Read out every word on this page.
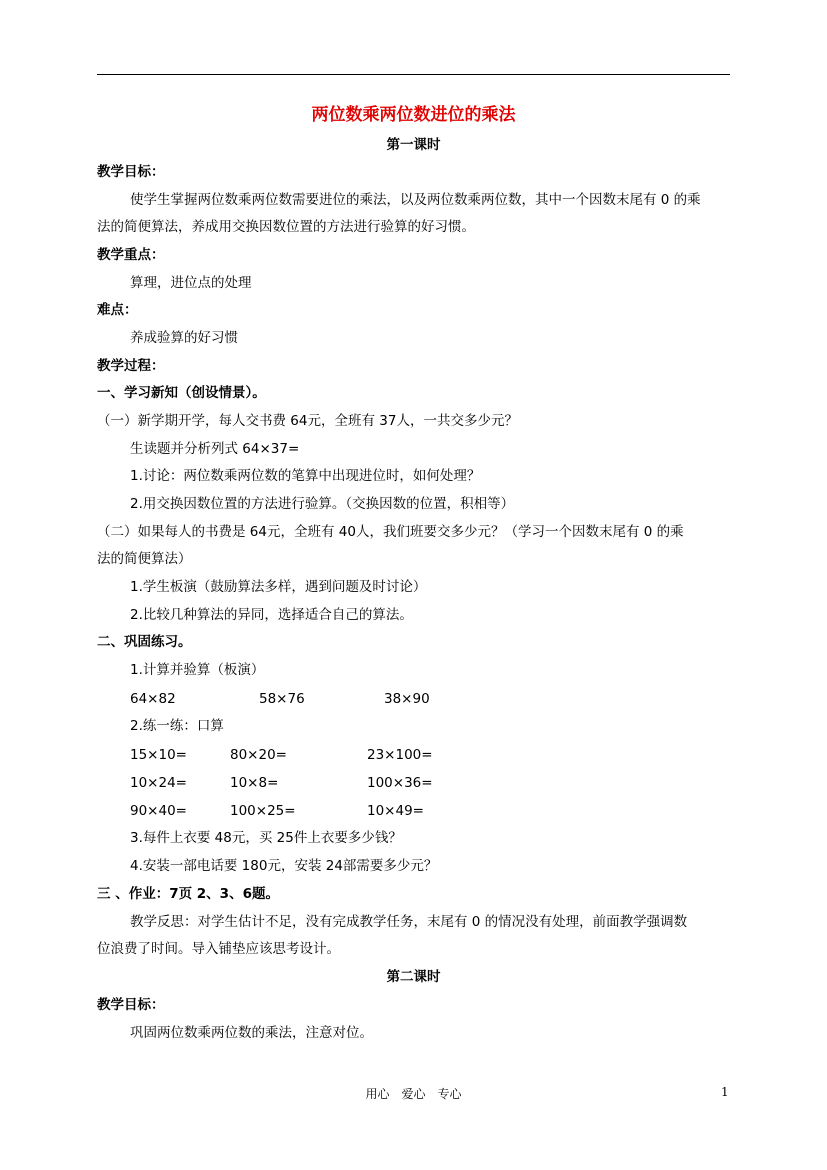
两位数乘两位数进位的乘法
第一课时
教学目标：
使学生掌握两位数乘两位数需要进位的乘法，以及两位数乘两位数，其中一个因数末尾有 0 的乘
法的简便算法，养成用交换因数位置的方法进行验算的好习惯。
教学重点：
算理，进位点的处理
难点：
养成验算的好习惯
教学过程：
一、学习新知（创设情景）。
（一）新学期开学，每人交书费 64元，全班有 37人，一共交多少元？
生读题并分析列式 64×37=
1.讨论：两位数乘两位数的笔算中出现进位时，如何处理？
2.用交换因数位置的方法进行验算。（交换因数的位置，积相等）
（二）如果每人的书费是 64元，全班有 40人，我们班要交多少元？（学习一个因数末尾有 0 的乘
法的简便算法）
1.学生板演（鼓励算法多样，遇到问题及时讨论）
2.比较几种算法的异同，选择适合自己的算法。
二、巩固练习。
1.计算并验算（板演）
64×82	58×76	38×90
2.练一练：口算
15×10=	80×20=	23×100=
10×24=	10×8=	100×36=
90×40=	100×25=	10×49=
3.每件上衣要 48元，买 25件上衣要多少钱？
4.安装一部电话要 180元，安装 24部需要多少元？
三 、作业：7页 2、3、6题。
教学反思：对学生估计不足，没有完成教学任务，末尾有 0 的情况没有处理，前面教学强调数
位浪费了时间。导入铺垫应该思考设计。
第二课时
教学目标：
巩固两位数乘两位数的乘法，注意对位。
用心　爱心　专心	1
